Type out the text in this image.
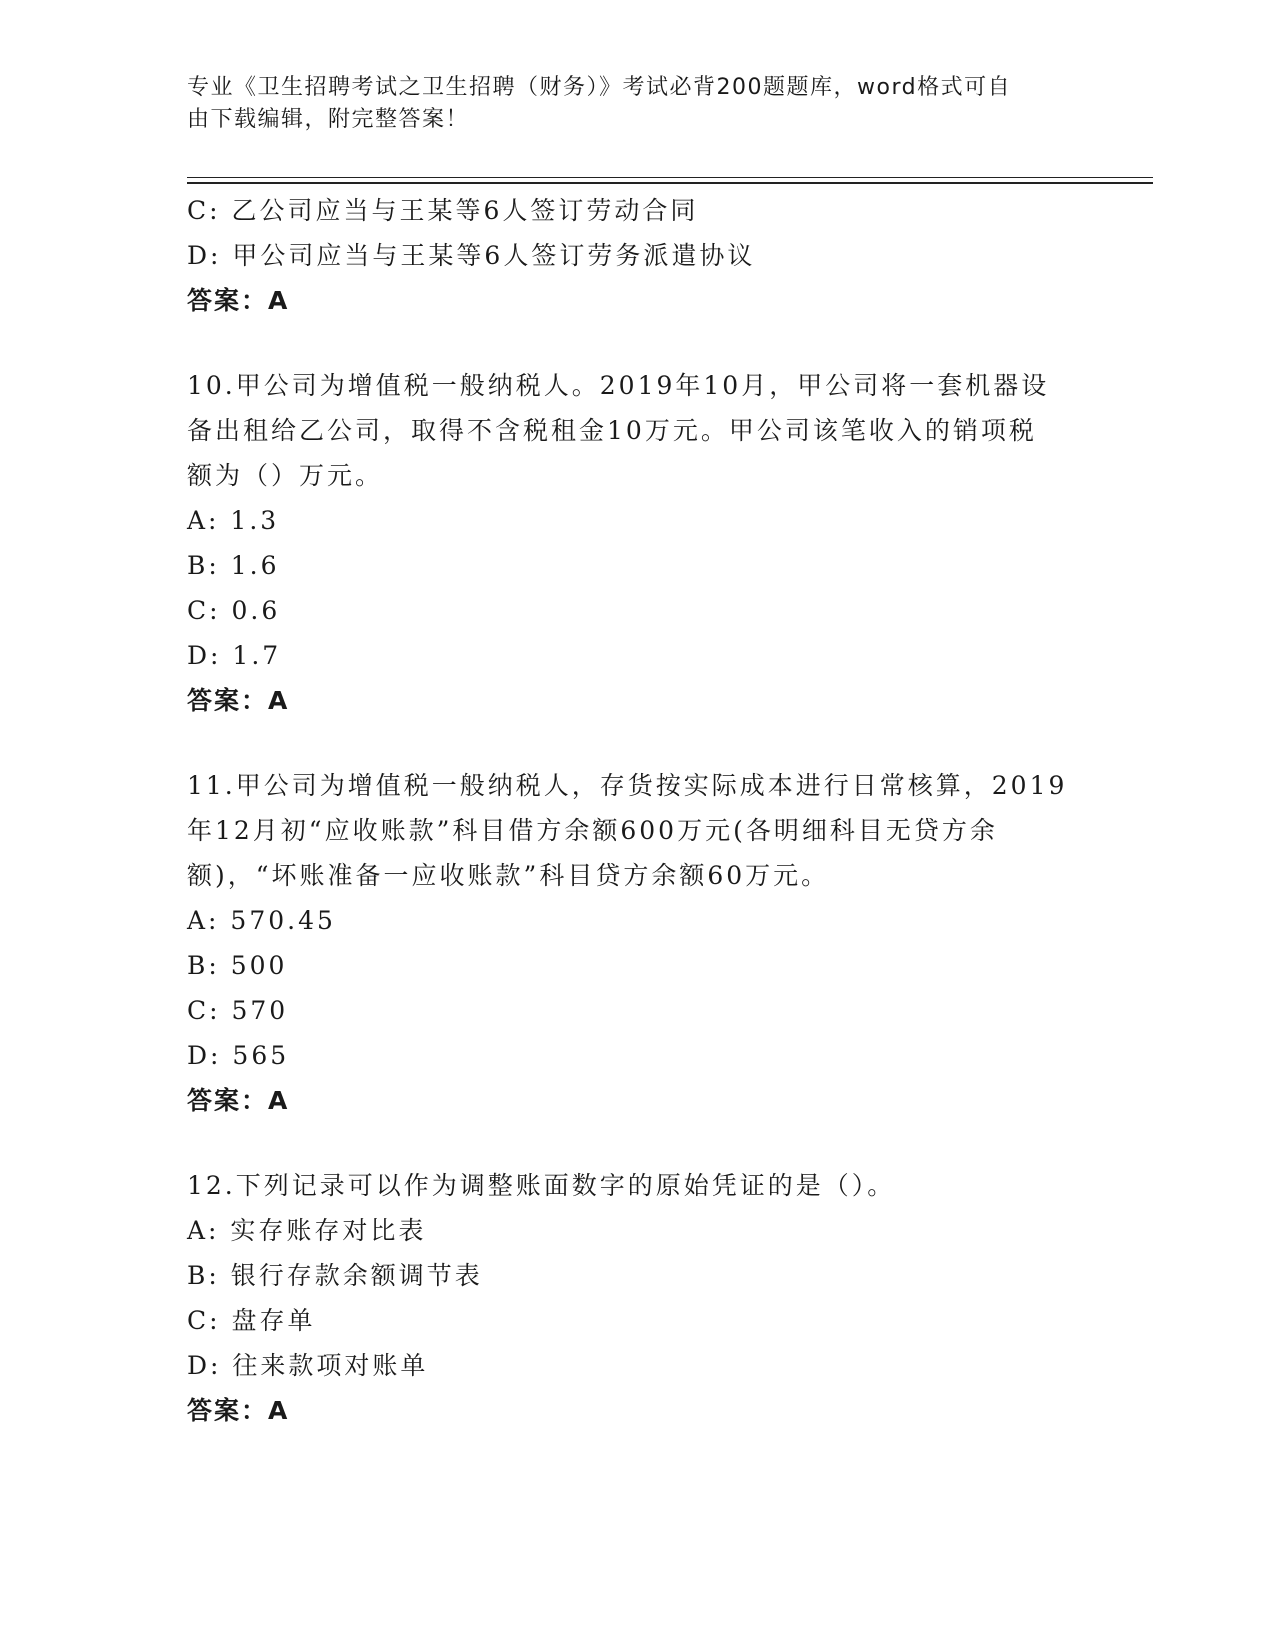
专业《卫生招聘考试之卫生招聘（财务）》考试必背200题题库，word格式可自
由下载编辑，附完整答案！
C: 乙公司应当与王某等6人签订劳动合同
D: 甲公司应当与王某等6人签订劳务派遣协议
答案：A
10.甲公司为增值税一般纳税人。2019年10月，甲公司将一套机器设
备出租给乙公司，取得不含税租金10万元。甲公司该笔收入的销项税
额为（）万元。
A: 1.3
B: 1.6
C: 0.6
D: 1.7
答案：A
11.甲公司为增值税一般纳税人，存货按实际成本进行日常核算，2019
年12月初“应收账款”科目借方余额600万元(各明细科目无贷方余
额)，“坏账准备一应收账款”科目贷方余额60万元。
A: 570.45
B: 500
C: 570
D: 565
答案：A
12.下列记录可以作为调整账面数字的原始凭证的是（）。
A: 实存账存对比表
B: 银行存款余额调节表
C: 盘存单
D: 往来款项对账单
答案：A
